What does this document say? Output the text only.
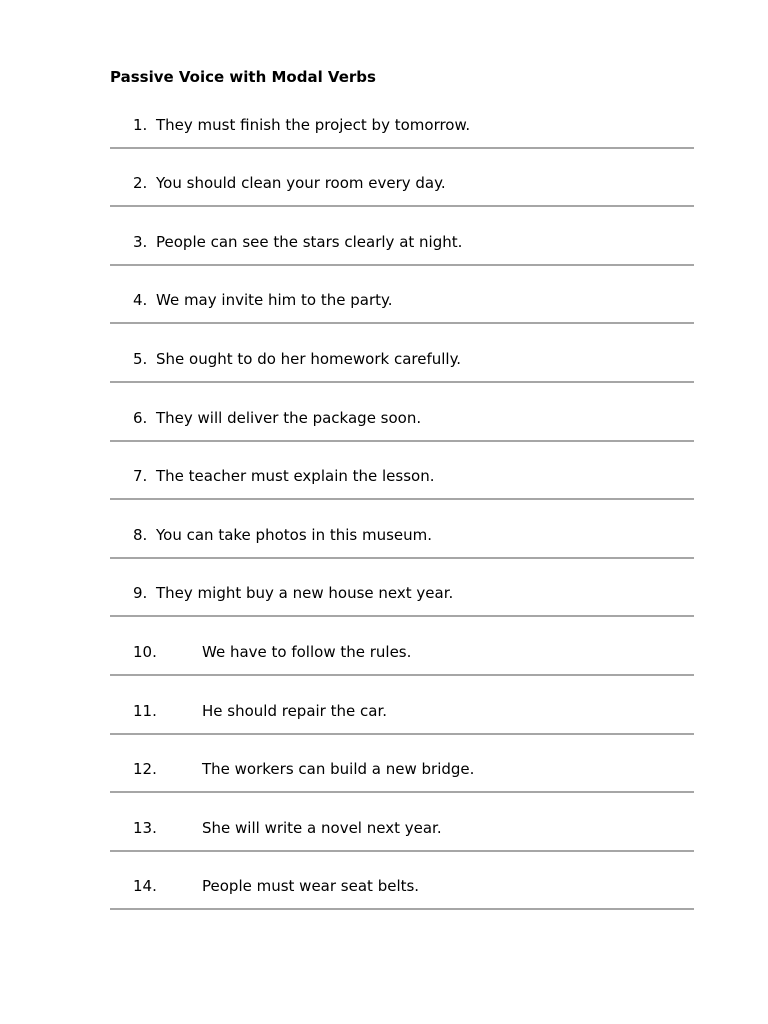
Passive Voice with Modal Verbs
1. They must finish the project by tomorrow.
2. You should clean your room every day.
3. People can see the stars clearly at night.
4. We may invite him to the party.
5. She ought to do her homework carefully.
6. They will deliver the package soon.
7. The teacher must explain the lesson.
8. You can take photos in this museum.
9. They might buy a new house next year.
10.	We have to follow the rules.
11.	He should repair the car.
12.	The workers can build a new bridge.
13.	She will write a novel next year.
14.	People must wear seat belts.
